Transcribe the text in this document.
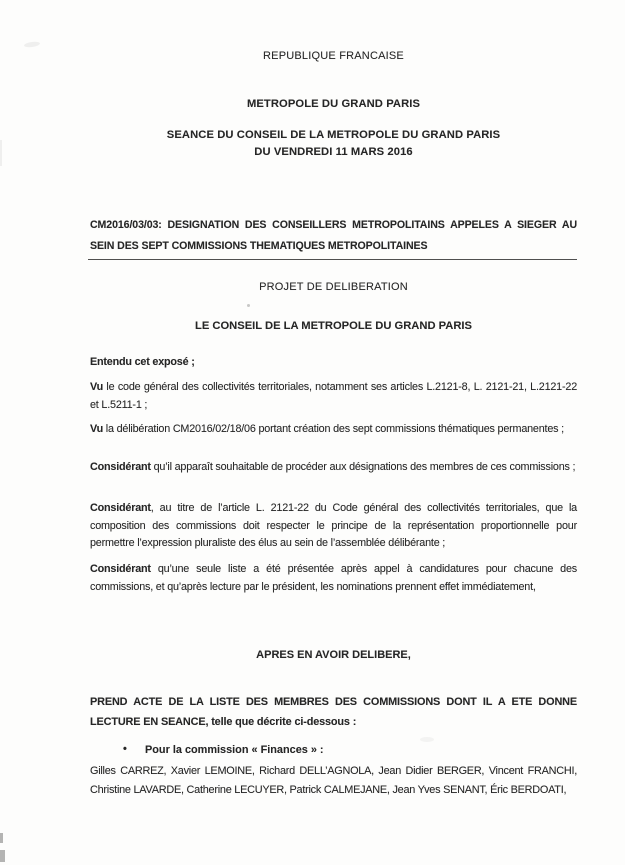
REPUBLIQUE FRANCAISE
METROPOLE DU GRAND PARIS
SEANCE DU CONSEIL DE LA METROPOLE DU GRAND PARIS
DU VENDREDI 11 MARS 2016
CM2016/03/03: DESIGNATION DES CONSEILLERS METROPOLITAINS APPELES A SIEGER AU SEIN DES SEPT COMMISSIONS THEMATIQUES METROPOLITAINES
PROJET DE DELIBERATION
LE CONSEIL DE LA METROPOLE DU GRAND PARIS
Entendu cet exposé ;
Vu le code général des collectivités territoriales, notamment ses articles L.2121-8, L. 2121-21, L.2121-22 et L.5211-1 ;
Vu la délibération CM2016/02/18/06 portant création des sept commissions thématiques permanentes ;
Considérant qu’il apparaît souhaitable de procéder aux désignations des membres de ces commissions ;
Considérant, au titre de l’article L. 2121-22 du Code général des collectivités territoriales, que la composition des commissions doit respecter le principe de la représentation proportionnelle pour permettre l’expression pluraliste des élus au sein de l’assemblée délibérante ;
Considérant qu’une seule liste a été présentée après appel à candidatures pour chacune des commissions, et qu’après lecture par le président, les nominations prennent effet immédiatement,
APRES EN AVOIR DELIBERE,
PREND ACTE DE LA LISTE DES MEMBRES DES COMMISSIONS DONT IL A ETE DONNE LECTURE EN SEANCE, telle que décrite ci-dessous :
• Pour la commission « Finances » :
Gilles CARREZ, Xavier LEMOINE, Richard DELL’AGNOLA, Jean Didier BERGER, Vincent FRANCHI, Christine LAVARDE, Catherine LECUYER, Patrick CALMEJANE, Jean Yves SENANT, Éric BERDOATI,
